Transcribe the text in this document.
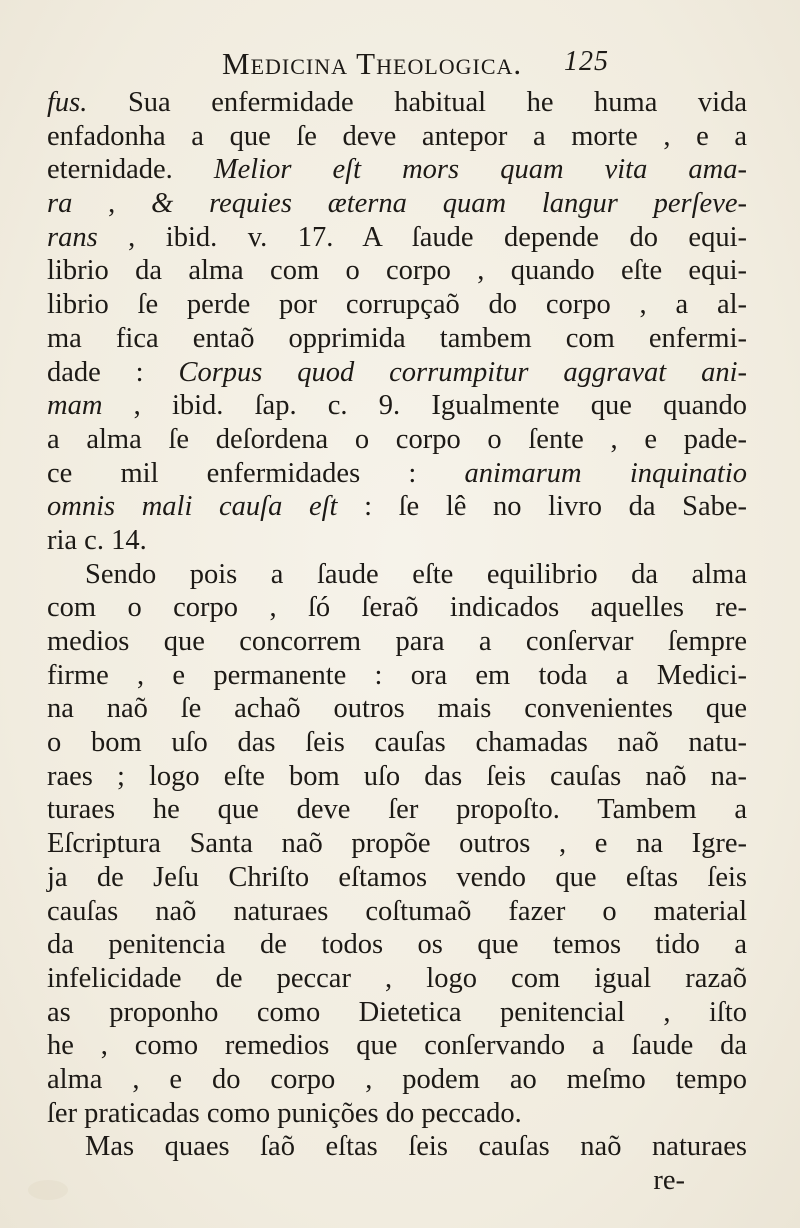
Medicina Theologica. 125
fus. Sua enfermidade habitual he huma vida
enfadonha a que ſe deve antepor a morte , e a
eternidade. Melior eſt mors quam vita ama-
ra , & requies æterna quam langur perſeve-
rans , ibid. v. 17. A ſaude depende do equi-
librio da alma com o corpo , quando eſte equi-
librio ſe perde por corrupçaõ do corpo , a al-
ma fica entaõ opprimida tambem com enfermi-
dade : Corpus quod corrumpitur aggravat ani-
mam , ibid. ſap. c. 9. Igualmente que quando
a alma ſe deſordena o corpo o ſente , e pade-
ce mil enfermidades : animarum inquinatio
omnis mali cauſa eſt : ſe lê no livro da Sabe-
ria c. 14.
Sendo pois a ſaude eſte equilibrio da alma
com o corpo , ſó ſeraõ indicados aquelles re-
medios que concorrem para a conſervar ſempre
firme , e permanente : ora em toda a Medici-
na naõ ſe achaõ outros mais convenientes que
o bom uſo das ſeis cauſas chamadas naõ natu-
raes ; logo eſte bom uſo das ſeis cauſas naõ na-
turaes he que deve ſer propoſto. Tambem a
Eſcriptura Santa naõ propõe outros , e na Igre-
ja de Jeſu Chriſto eſtamos vendo que eſtas ſeis
cauſas naõ naturaes coſtumaõ fazer o material
da penitencia de todos os que temos tido a
infelicidade de peccar , logo com igual razaõ
as proponho como Dietetica penitencial , iſto
he , como remedios que conſervando a ſaude da
alma , e do corpo , podem ao meſmo tempo
ſer praticadas como punições do peccado.
Mas quaes ſaõ eſtas ſeis cauſas naõ naturaes
re-
